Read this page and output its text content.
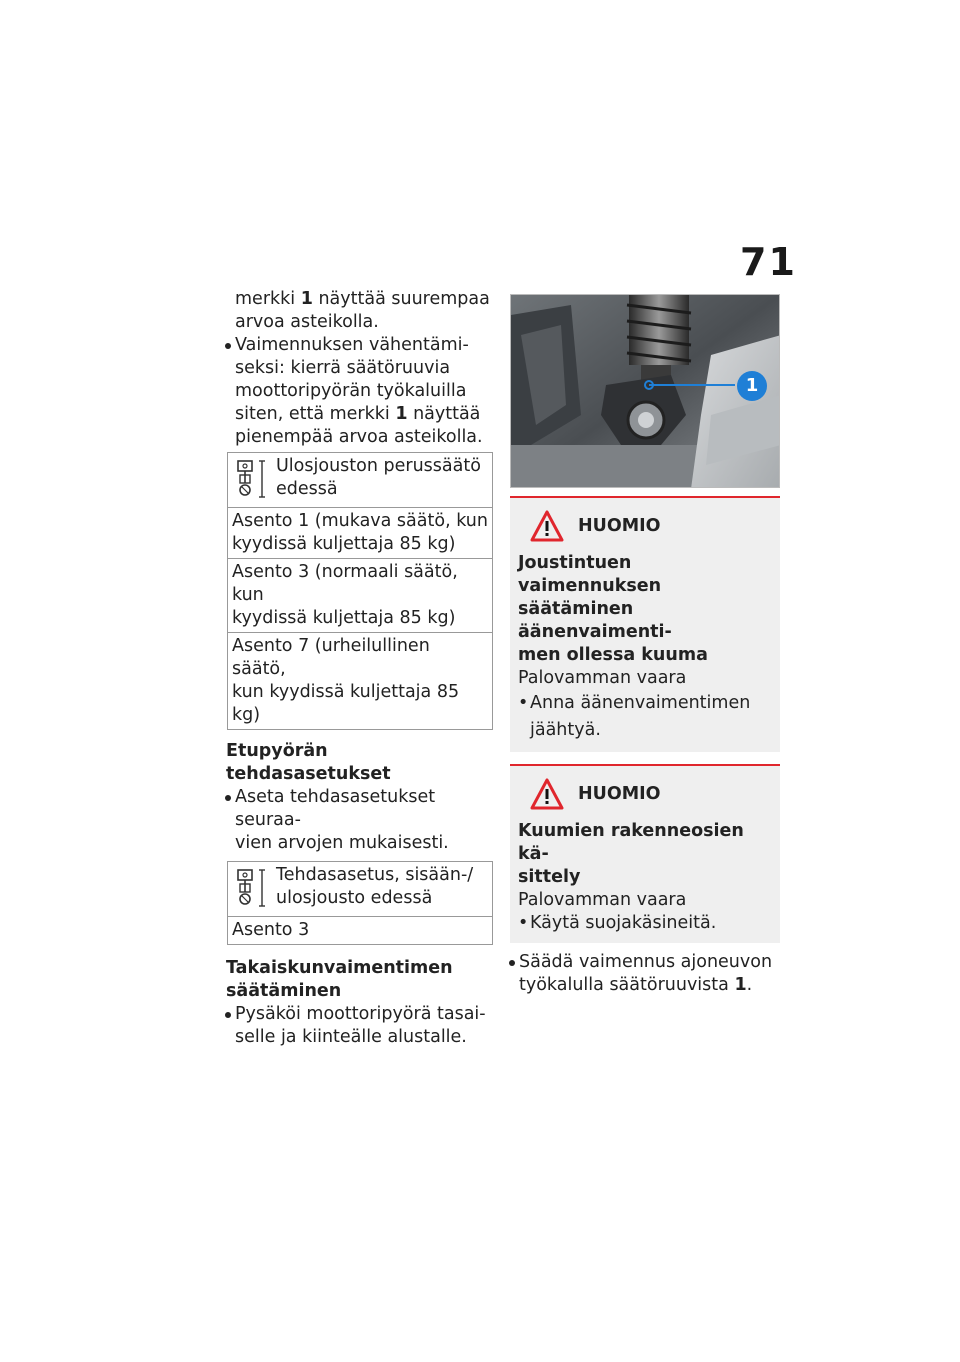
71

merkki 1 näyttää suurempaa
arvoa asteikolla.

Vaimennuksen vähentämi-
seksi: kierrä säätöruuvia
moottoripyörän työkaluilla
siten, että merkki 1 näyttää
pienempää arvoa asteikolla.
Ulosjouston perussäätö
edessä
Asento 1 (mukava säätö, kun
kyydissä kuljettaja 85 kg)
Asento 3 (normaali säätö, kun
kyydissä kuljettaja 85 kg)
Asento 7 (urheilullinen säätö,
kun kyydissä kuljettaja 85 kg)

Etupyörän tehdasasetukset

Aseta tehdasasetukset seuraa-
vien arvojen mukaisesti.
Tehdasasetus, sisään-/
ulosjousto edessä
Asento 3

Takaiskunvaimentimen
säätäminen

Pysäköi moottoripyörä tasai-
selle ja kiinteälle alustalle.
1
HUOMIO

Joustintuen vaimennuksen
säätäminen äänenvaimenti-
men ollessa kuuma

Palovamman vaara

•Anna äänenvaimentimen
jäähtyä.

HUOMIO

Kuumien rakenneosien kä-
sittely

Palovamman vaara

•Käytä suojakäsineitä.

Säädä vaimennus ajoneuvon
työkalulla säätöruuvista 1.
